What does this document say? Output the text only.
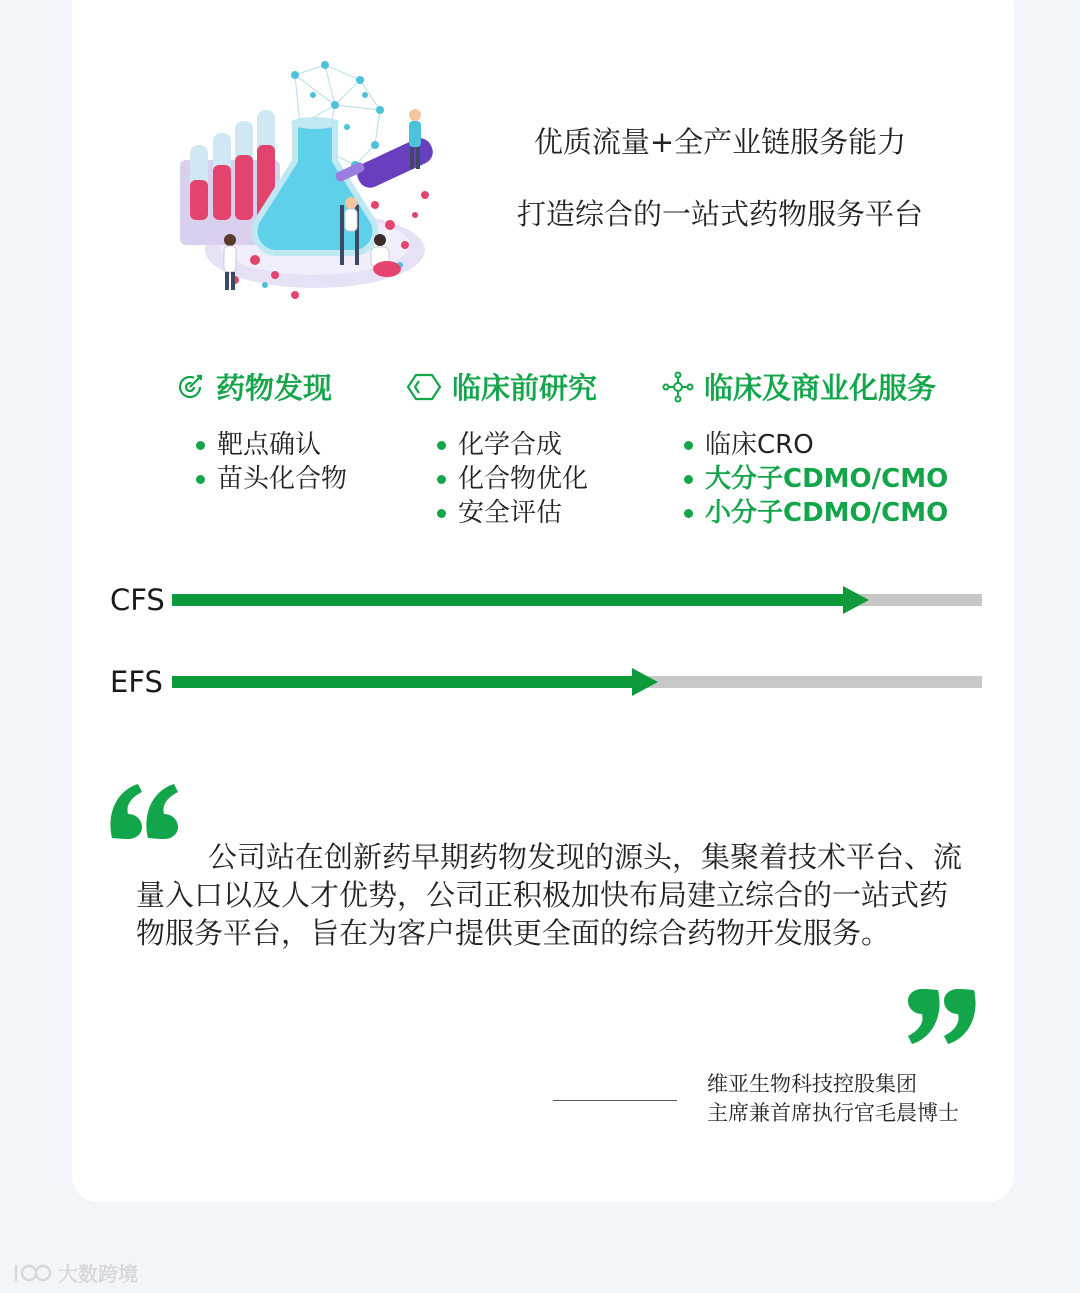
优质流量+全产业链服务能力
打造综合的一站式药物服务平台
药物发现
靶点确认
苗头化合物
临床前研究
化学合成
化合物优化
安全评估
临床及商业化服务
临床CRO
大分子CDMO/CMO
小分子CDMO/CMO
CFS
EFS
公司站在创新药早期药物发现的源头，集聚着技术平台、流量入口以及人才优势，公司正积极加快布局建立综合的一站式药物服务平台，旨在为客户提供更全面的综合药物开发服务。
维亚生物科技控股集团
主席兼首席执行官毛晨博士
大数跨境
